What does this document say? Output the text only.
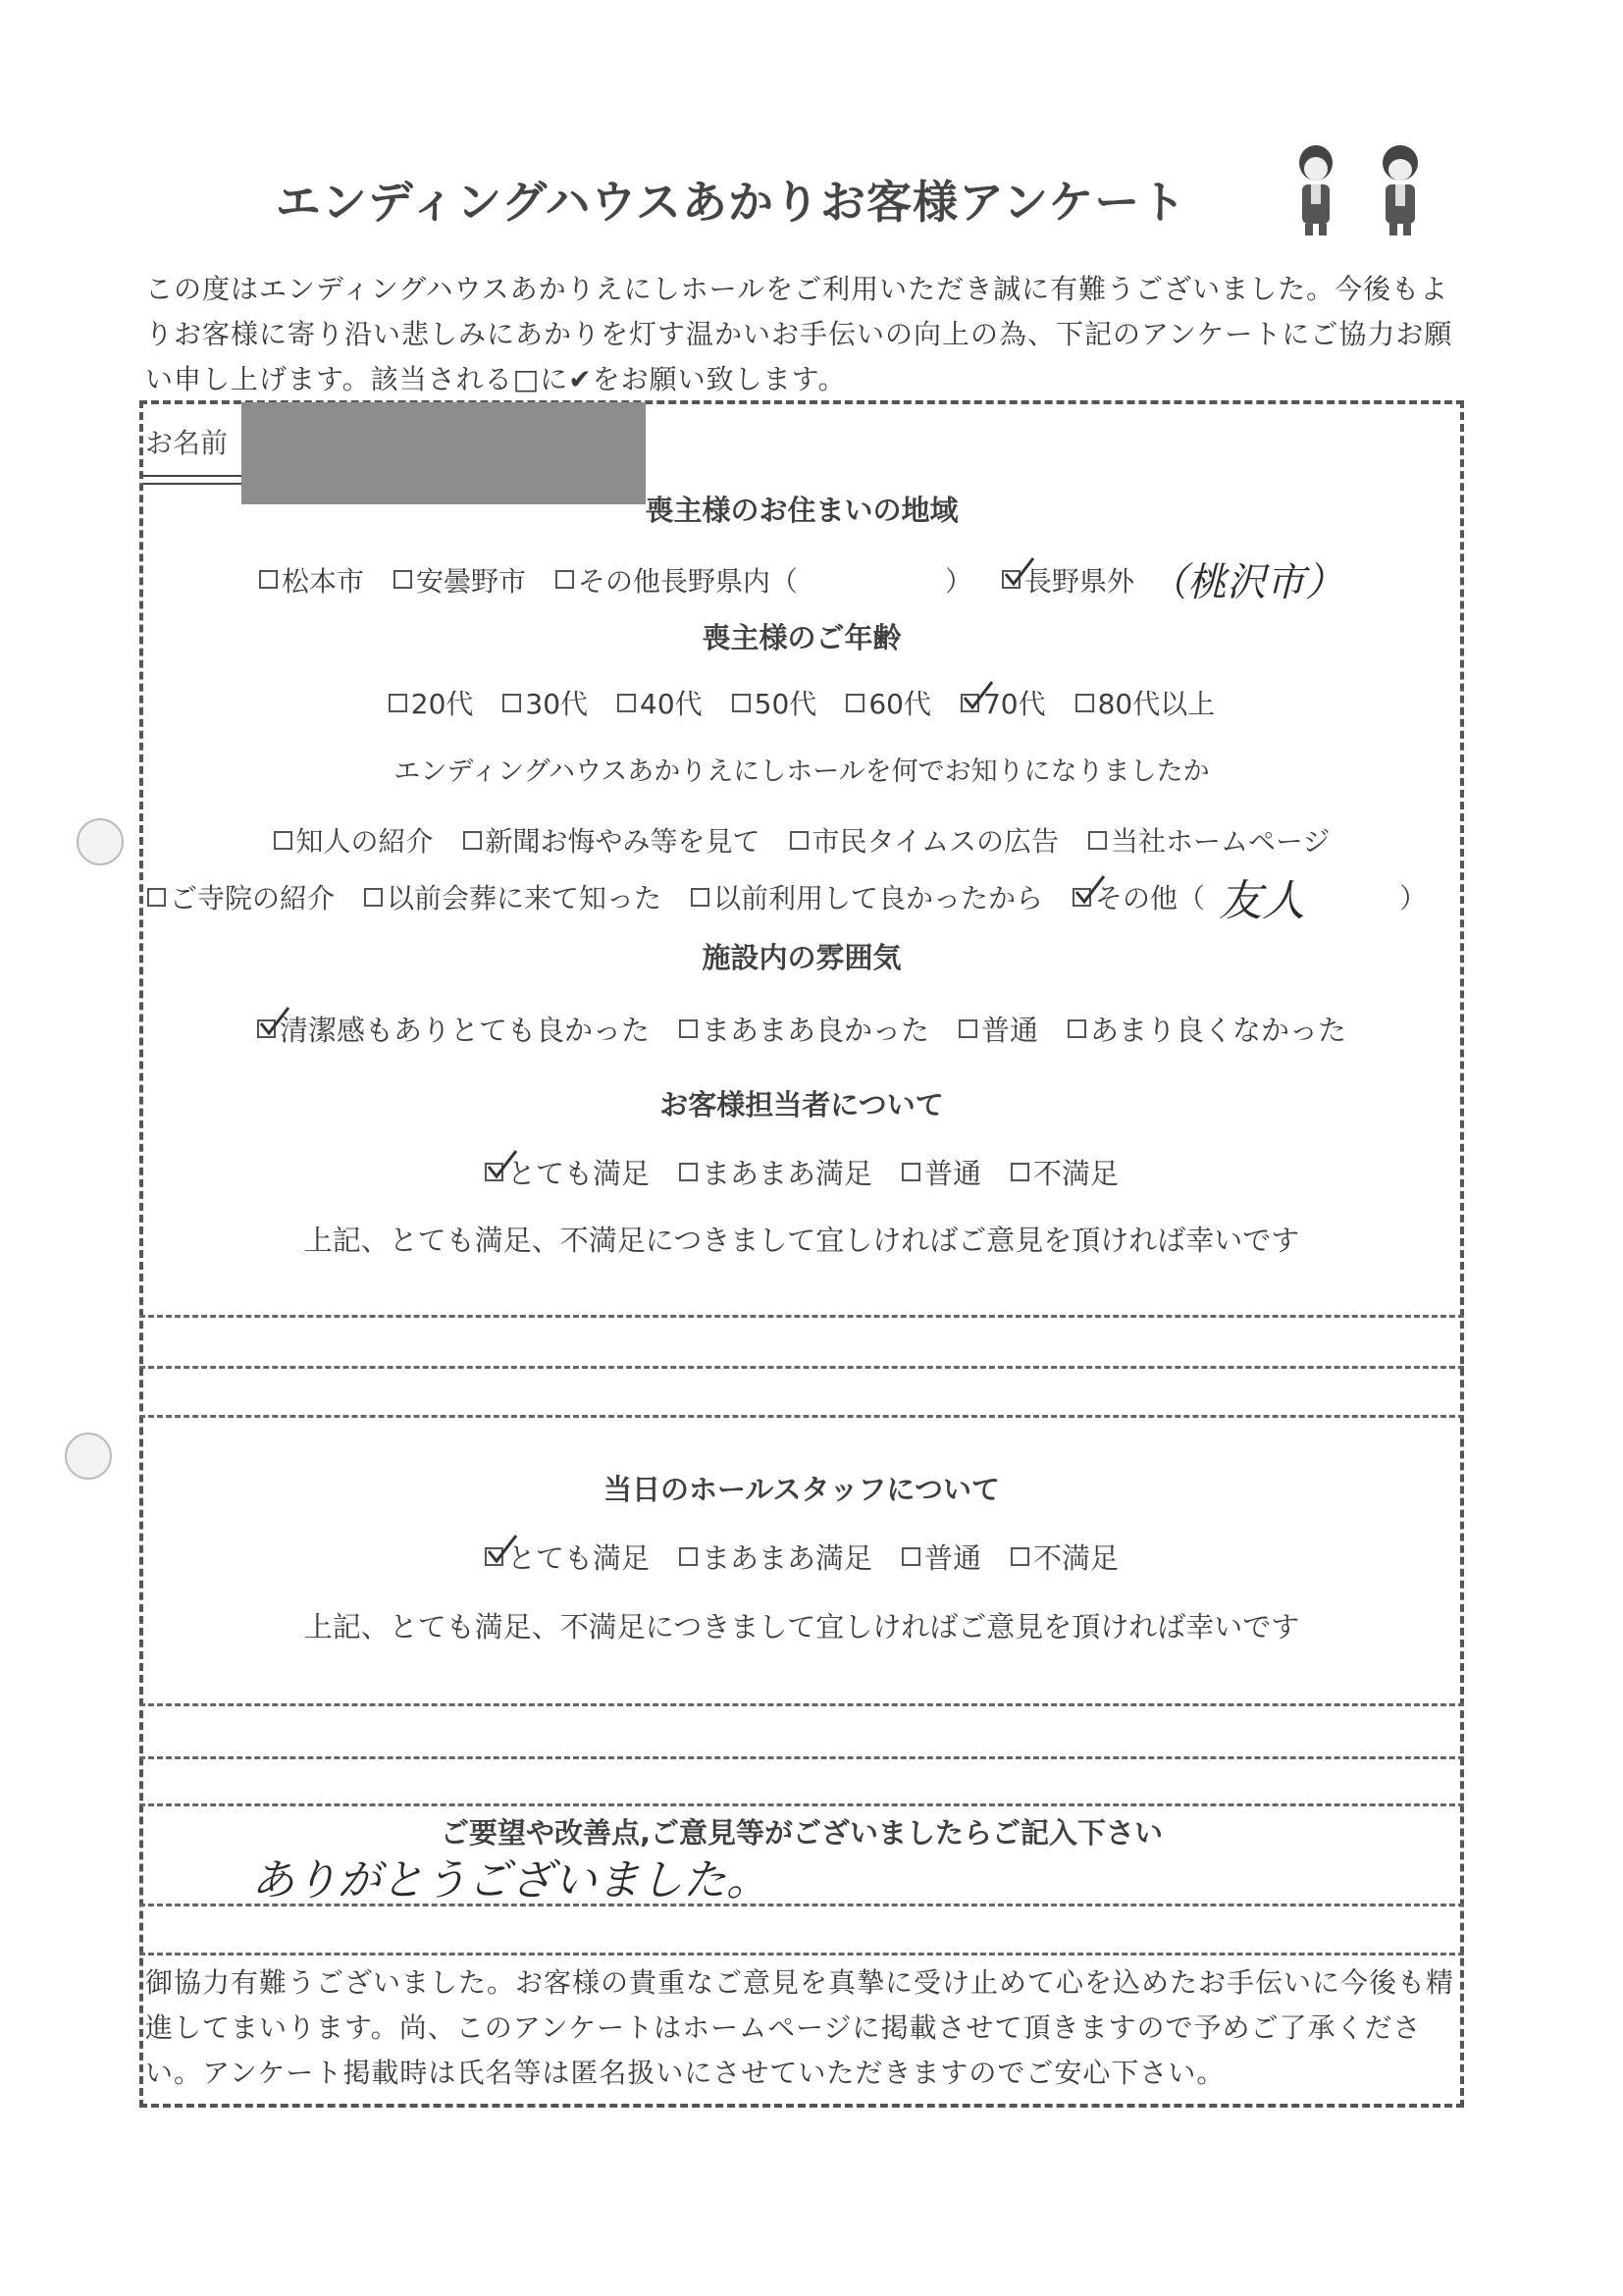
エンディングハウスあかりお客様アンケート
この度はエンディングハウスあかりえにしホールをご利用いただき誠に有難うございました。今後もよりお客様に寄り沿い悲しみにあかりを灯す温かいお手伝いの向上の為、下記のアンケートにご協力お願い申し上げます。該当される□に✔をお願い致します。
お名前
喪主様のお住まいの地域
松本市 安曇野市 その他長野県内（	） 長野県外 （桃沢市）
喪主様のご年齢
20代 30代 40代 50代 60代 70代 80代以上
エンディングハウスあかりえにしホールを何でお知りになりましたか
知人の紹介 新聞お悔やみ等を見て 市民タイムスの広告 当社ホームページ
ご寺院の紹介 以前会葬に来て知った 以前利用して良かったから その他（ 友人	）
施設内の雰囲気
清潔感もありとても良かった まあまあ良かった 普通 あまり良くなかった
お客様担当者について
とても満足 まあまあ満足 普通 不満足
上記、とても満足、不満足につきまして宜しければご意見を頂ければ幸いです
当日のホールスタッフについて
とても満足 まあまあ満足 普通 不満足
上記、とても満足、不満足につきまして宜しければご意見を頂ければ幸いです
ご要望や改善点,ご意見等がございましたらご記入下さい
ありがとうございました。
御協力有難うございました。お客様の貴重なご意見を真摯に受け止めて心を込めたお手伝いに今後も精進してまいります。尚、このアンケートはホームページに掲載させて頂きますので予めご了承ください。アンケート掲載時は氏名等は匿名扱いにさせていただきますのでご安心下さい。
